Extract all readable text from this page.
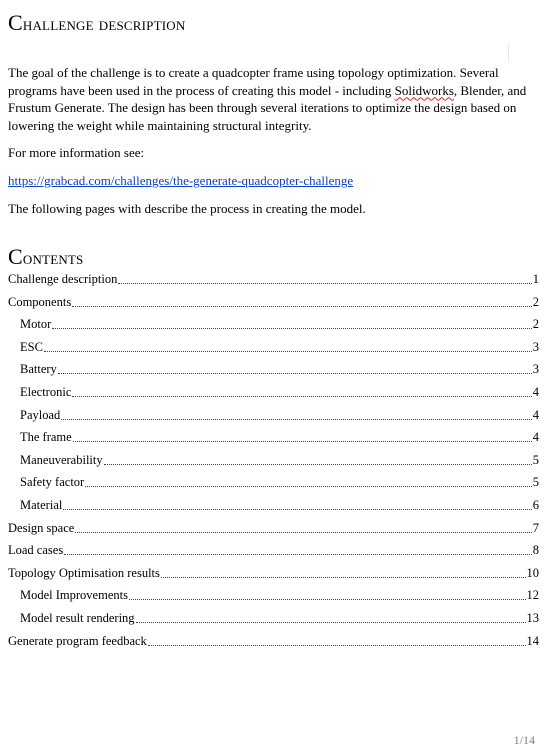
Challenge description

The goal of the challenge is to create a quadcopter frame using topology optimization. Several programs have been used in the process of creating this model - including Solidworks, Blender, and Frustum Generate. The design has been through several iterations to optimize the design based on lowering the weight while maintaining structural integrity.

For more information see:

https://grabcad.com/challenges/the-generate-quadcopter-challenge

The following pages with describe the process in creating the model.

Contents
Challenge description	1
Components	2
Motor	2
ESC	3
Battery	3
Electronic	4
Payload	4
The frame	4
Maneuverability	5
Safety factor	5
Material	6
Design space	7
Load cases	8
Topology Optimisation results	10
Model Improvements	12
Model result rendering	13
Generate program feedback	14
1/14
